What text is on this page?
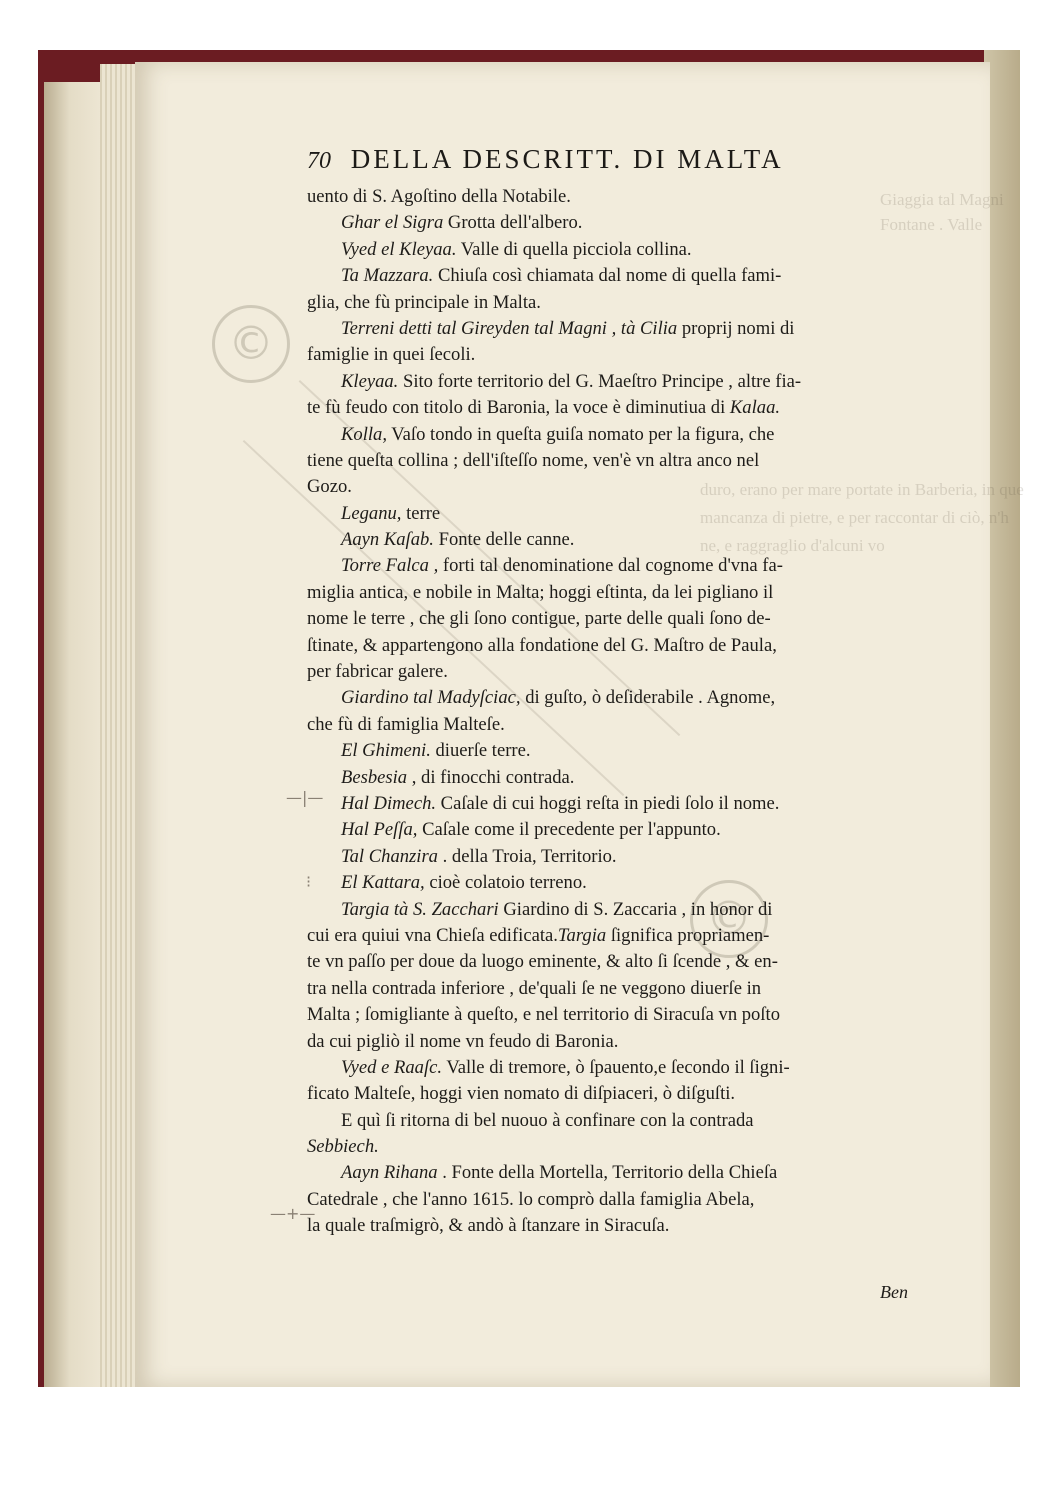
Giaggia tal Magni
Fontane . Valle
duro, erano per mare portate in Barberia, in que
mancanza di pietre, e per raccontar di ciò, n'h
ne, e raggraglio d'alcuni vo
©
©
—|—
⁝
—+—
70 DELLA DESCRITT. DI MALTA
uento di S. Agoſtino della Notabile.
Ghar el Sigra Grotta dell'albero.
Vyed el Kleyaa. Valle di quella picciola collina.
Ta Mazzara. Chiuſa così chiamata dal nome di quella fami-
glia, che fù principale in Malta.
Terreni detti tal Gireyden tal Magni , tà Cilia proprij nomi di
famiglie in quei ſecoli.
Kleyaa. Sito forte territorio del G. Maeſtro Principe , altre fia-
te fù feudo con titolo di Baronia, la voce è diminutiua di Kalaa.
Kolla, Vaſo tondo in queſta guiſa nomato per la figura, che
tiene queſta collina ; dell'iſteſſo nome, ven'è vn altra anco nel
Gozo.
Leganu, terre
Aayn Kaſab. Fonte delle canne.
Torre Falca , forti tal denominatione dal cognome d'vna fa-
miglia antica, e nobile in Malta; hoggi eſtinta, da lei pigliano il
nome le terre , che gli ſono contigue, parte delle quali ſono de-
ſtinate, & appartengono alla fondatione del G. Maſtro de Paula,
per fabricar galere.
Giardino tal Madyſciac, di guſto, ò deſiderabile . Agnome,
che fù di famiglia Malteſe.
El Ghimeni. diuerſe terre.
Besbesia , di finocchi contrada.
Hal Dimech. Caſale di cui hoggi reſta in piedi ſolo il nome.
Hal Peſſa, Caſale come il precedente per l'appunto.
Tal Chanzira . della Troia, Territorio.
El Kattara, cioè colatoio terreno.
Targia tà S. Zacchari Giardino di S. Zaccaria , in honor di
cui era quiui vna Chieſa edificata.Targia ſignifica propriamen-
te vn paſſo per doue da luogo eminente, & alto ſi ſcende , & en-
tra nella contrada inferiore , de'quali ſe ne veggono diuerſe in
Malta ; ſomigliante à queſto, e nel territorio di Siracuſa vn poſto
da cui pigliò il nome vn feudo di Baronia.
Vyed e Raaſc. Valle di tremore, ò ſpauento,e ſecondo il ſigni-
ficato Malteſe, hoggi vien nomato di diſpiaceri, ò diſguſti.
E quì ſi ritorna di bel nuouo à confinare con la contrada
Sebbiech.
Aayn Rihana . Fonte della Mortella, Territorio della Chieſa
Catedrale , che l'anno 1615. lo comprò dalla famiglia Abela,
la quale traſmigrò, & andò à ſtanzare in Siracuſa.
Ben
